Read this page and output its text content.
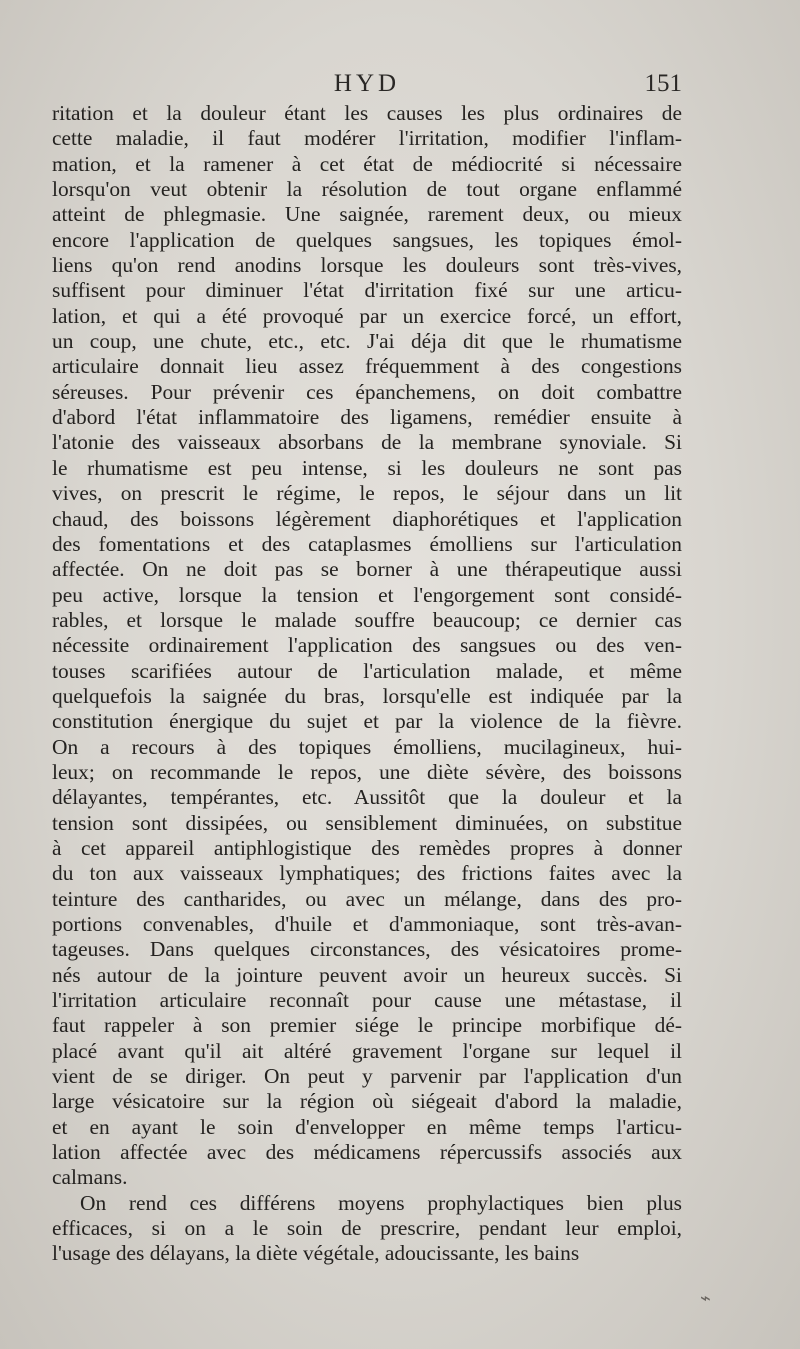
HYD	151
ritation et la douleur étant les causes les plus ordinaires de
cette maladie, il faut modérer l'irritation, modifier l'inflam-
mation, et la ramener à cet état de médiocrité si nécessaire
lorsqu'on veut obtenir la résolution de tout organe enflammé
atteint de phlegmasie. Une saignée, rarement deux, ou mieux
encore l'application de quelques sangsues, les topiques émol-
liens qu'on rend anodins lorsque les douleurs sont très-vives,
suffisent pour diminuer l'état d'irritation fixé sur une articu-
lation, et qui a été provoqué par un exercice forcé, un effort,
un coup, une chute, etc., etc. J'ai déja dit que le rhumatisme
articulaire donnait lieu assez fréquemment à des congestions
séreuses. Pour prévenir ces épanchemens, on doit combattre
d'abord l'état inflammatoire des ligamens, remédier ensuite à
l'atonie des vaisseaux absorbans de la membrane synoviale. Si
le rhumatisme est peu intense, si les douleurs ne sont pas
vives, on prescrit le régime, le repos, le séjour dans un lit
chaud, des boissons légèrement diaphorétiques et l'application
des fomentations et des cataplasmes émolliens sur l'articulation
affectée. On ne doit pas se borner à une thérapeutique aussi
peu active, lorsque la tension et l'engorgement sont considé-
rables, et lorsque le malade souffre beaucoup; ce dernier cas
nécessite ordinairement l'application des sangsues ou des ven-
touses scarifiées autour de l'articulation malade, et même
quelquefois la saignée du bras, lorsqu'elle est indiquée par la
constitution énergique du sujet et par la violence de la fièvre.
On a recours à des topiques émolliens, mucilagineux, hui-
leux; on recommande le repos, une diète sévère, des boissons
délayantes, tempérantes, etc. Aussitôt que la douleur et la
tension sont dissipées, ou sensiblement diminuées, on substitue
à cet appareil antiphlogistique des remèdes propres à donner
du ton aux vaisseaux lymphatiques; des frictions faites avec la
teinture des cantharides, ou avec un mélange, dans des pro-
portions convenables, d'huile et d'ammoniaque, sont très-avan-
tageuses. Dans quelques circonstances, des vésicatoires prome-
nés autour de la jointure peuvent avoir un heureux succès. Si
l'irritation articulaire reconnaît pour cause une métastase, il
faut rappeler à son premier siége le principe morbifique dé-
placé avant qu'il ait altéré gravement l'organe sur lequel il
vient de se diriger. On peut y parvenir par l'application d'un
large vésicatoire sur la région où siégeait d'abord la maladie,
et en ayant le soin d'envelopper en même temps l'articu-
lation affectée avec des médicamens répercussifs associés aux
calmans.
On rend ces différens moyens prophylactiques bien plus
efficaces, si on a le soin de prescrire, pendant leur emploi,
l'usage des délayans, la diète végétale, adoucissante, les bains
⌁
